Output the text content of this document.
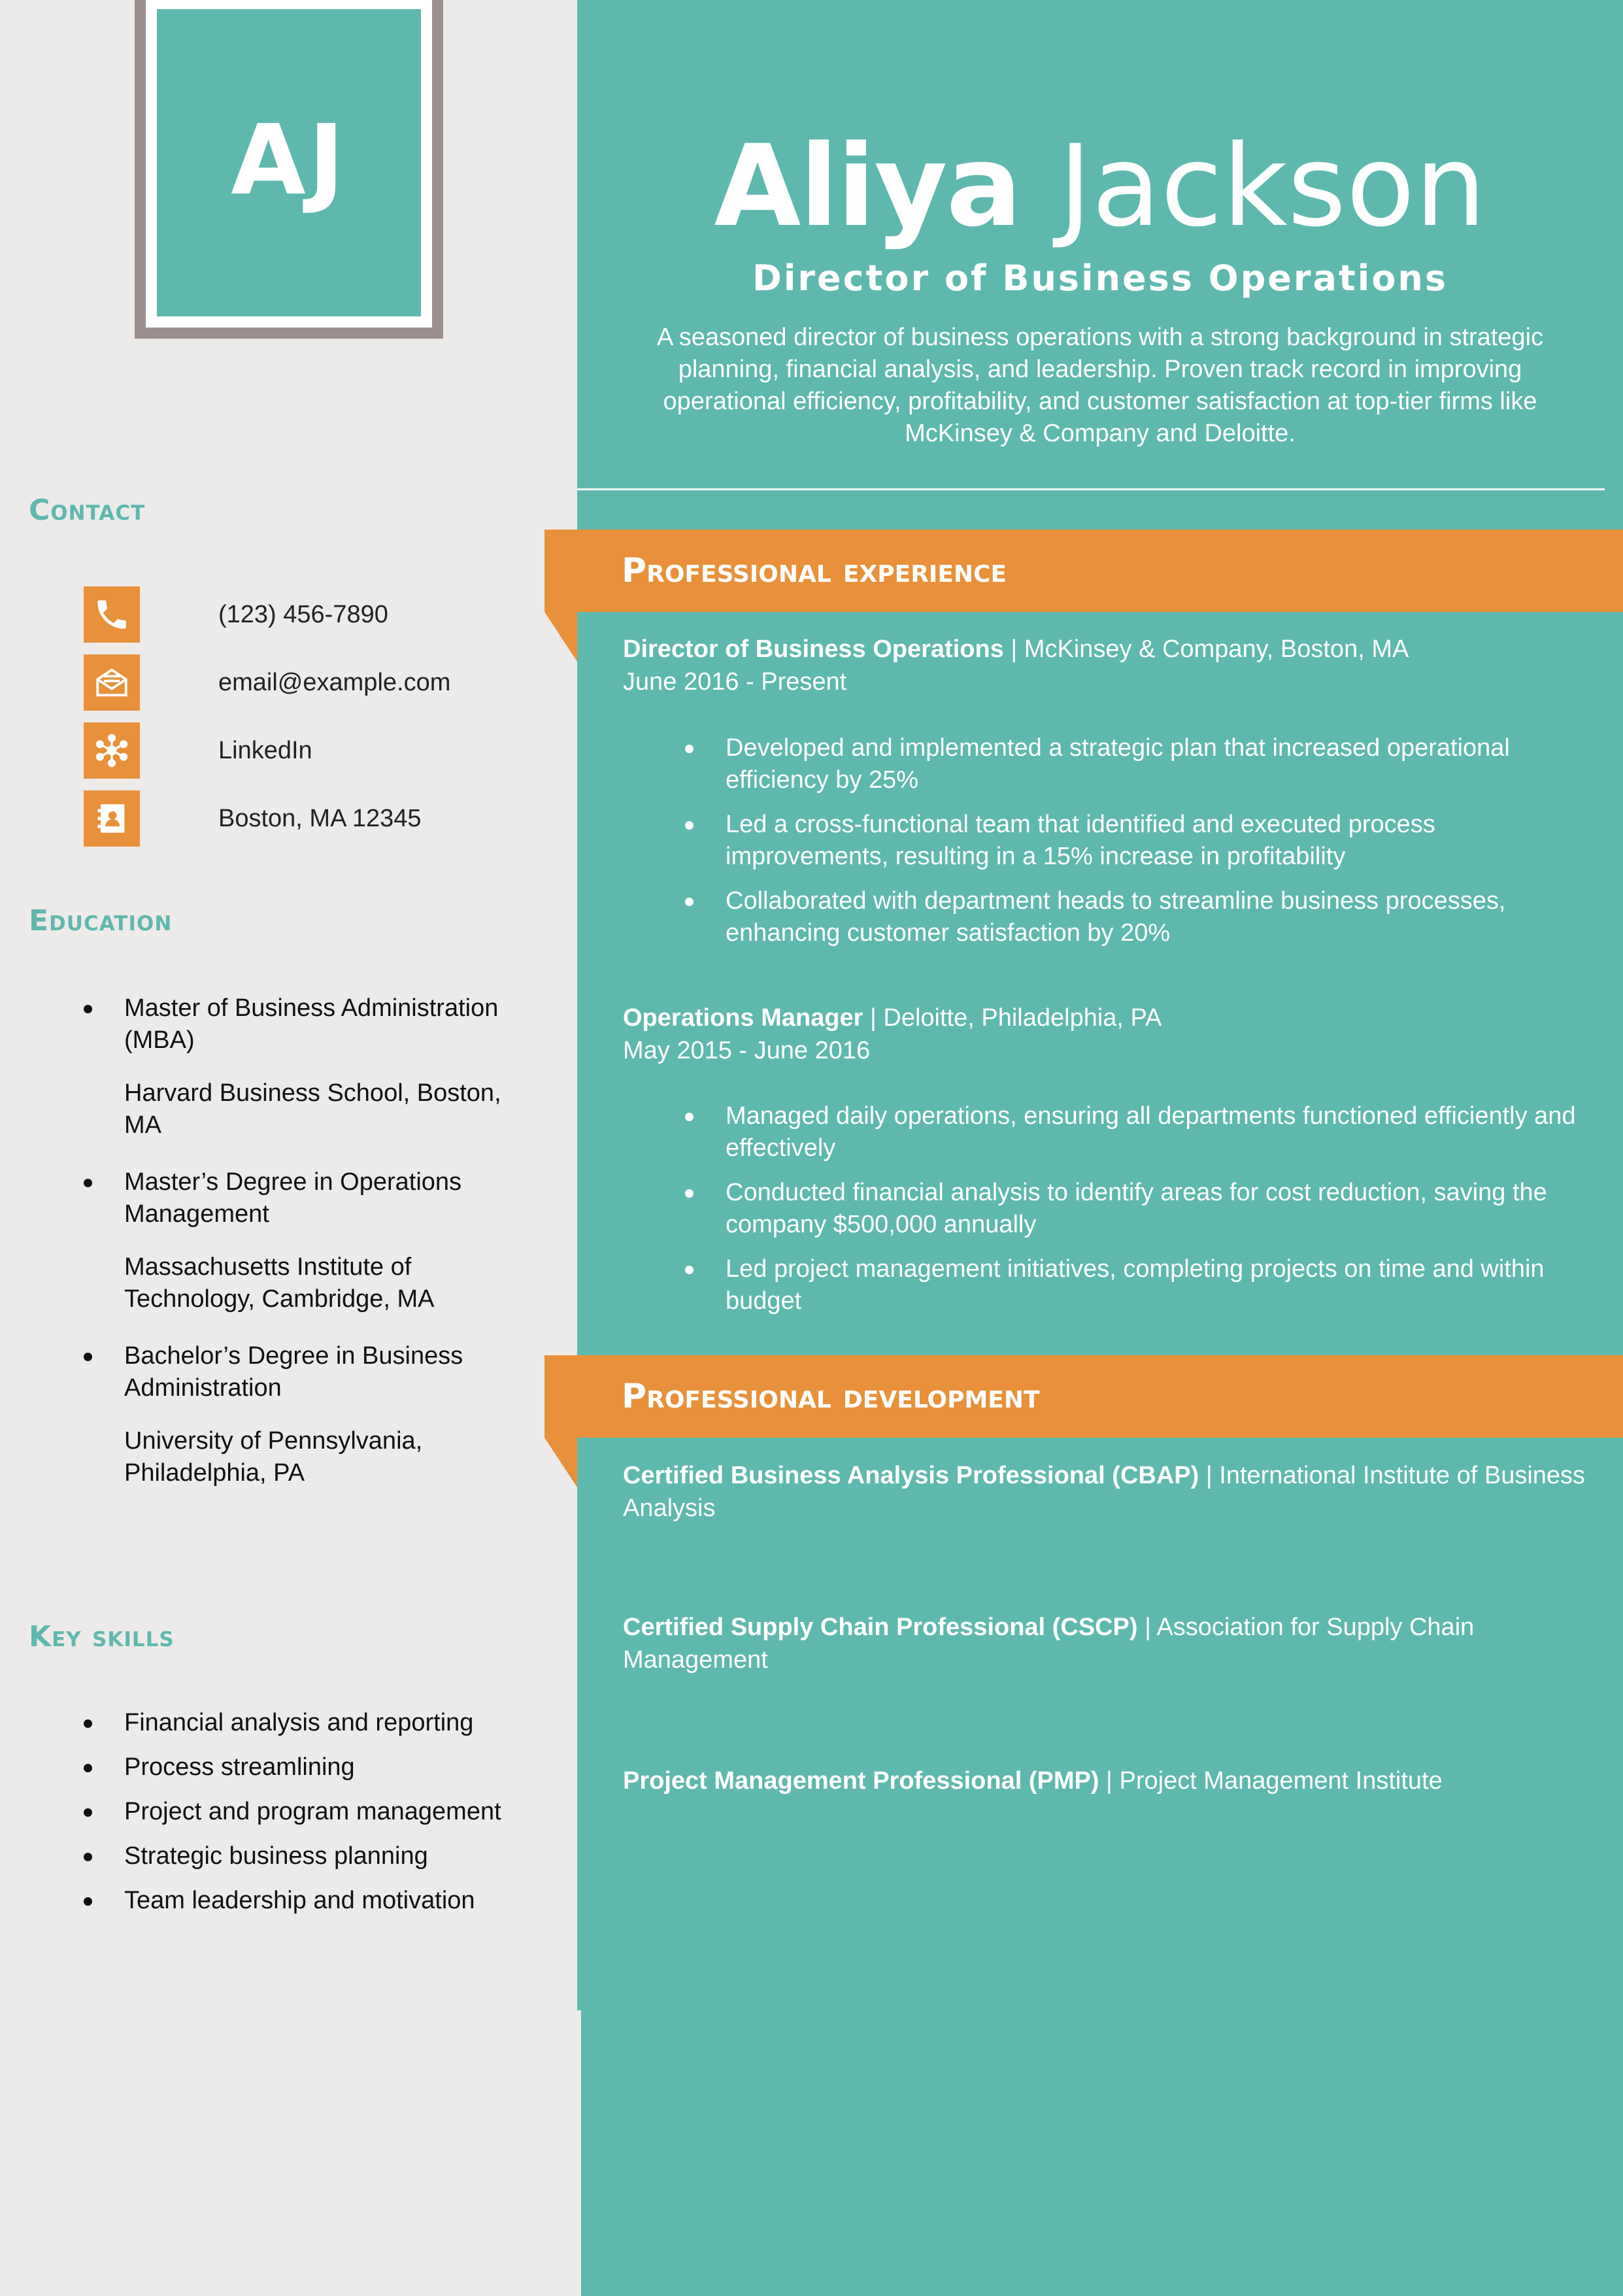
AJ
Contact
(123) 456-7890
email@example.com
LinkedIn
Boston, MA 12345
Education
Master of Business Administration (MBA)
Harvard Business School, Boston, MA
Master’s Degree in Operations Management
Massachusetts Institute of Technology, Cambridge, MA
Bachelor’s Degree in Business Administration
University of Pennsylvania, Philadelphia, PA
Key skills
Financial analysis and reporting
Process streamlining
Project and program management
Strategic business planning
Team leadership and motivation
Aliya Jackson
Director of Business Operations

A seasoned director of business operations with a strong background in strategic planning, financial analysis, and leadership. Proven track record in improving operational efficiency, profitability, and customer satisfaction at top-tier firms like McKinsey & Company and Deloitte.

Professional experience

Director of Business Operations | McKinsey & Company, Boston, MA

June 2016 - Present

Developed and implemented a strategic plan that increased operational efficiency by 25%
Led a cross-functional team that identified and executed process improvements, resulting in a 15% increase in profitability
Collaborated with department heads to streamline business processes, enhancing customer satisfaction by 20%

Operations Manager | Deloitte, Philadelphia, PA

May 2015 - June 2016

Managed daily operations, ensuring all departments functioned efficiently and effectively
Conducted financial analysis to identify areas for cost reduction, saving the company $500,000 annually
Led project management initiatives, completing projects on time and within budget
Professional development

Certified Business Analysis Professional (CBAP) | International Institute of Business Analysis

Certified Supply Chain Professional (CSCP) | Association for Supply Chain Management

Project Management Professional (PMP) | Project Management Institute
